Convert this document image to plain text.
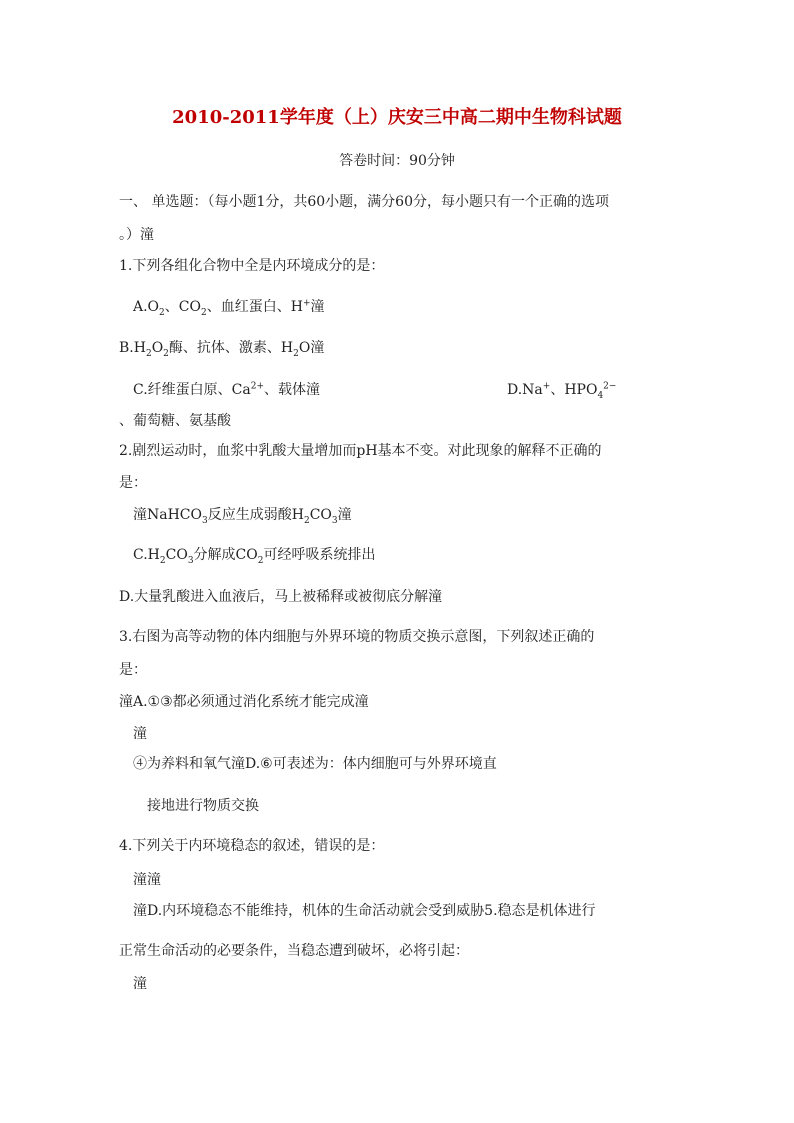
2010-2011学年度（上）庆安三中高二期中生物科试题
答卷时间：90分钟
一、 单选题：（每小题1分，共60小题，满分60分，每小题只有一个正确的选项
。）潼
1.下列各组化合物中全是内环境成分的是：
$A.O_2$、$CO_2$、血红蛋白、H+潼
$B.H_2O_2$酶、抗体、激素、$H_2O$潼
C.纤维蛋白原、$Ca^{2+}$、载体潼	D.Na+、$HPO_4^{2-}$
、葡萄糖、氨基酸
2.剧烈运动时，血浆中乳酸大量增加而pH基本不变。对此现象的解释不正确的
是：
潼NaHCO$_3$反应生成弱酸$H_2CO_3$潼
$C.H_2CO_3$分解成$CO_2$可经呼吸系统排出
D.大量乳酸进入血液后，马上被稀释或被彻底分解潼
3.右图为高等动物的体内细胞与外界环境的物质交换示意图，下列叙述正确的
是：
潼A.①③都必须通过消化系统才能完成潼
潼
④为养料和氧气潼D.⑥可表述为：体内细胞可与外界环境直
接地进行物质交换
4.下列关于内环境稳态的叙述，错误的是：
潼潼
潼D.内环境稳态不能维持，机体的生命活动就会受到威胁5.稳态是机体进行
正常生命活动的必要条件，当稳态遭到破坏，必将引起：
潼
